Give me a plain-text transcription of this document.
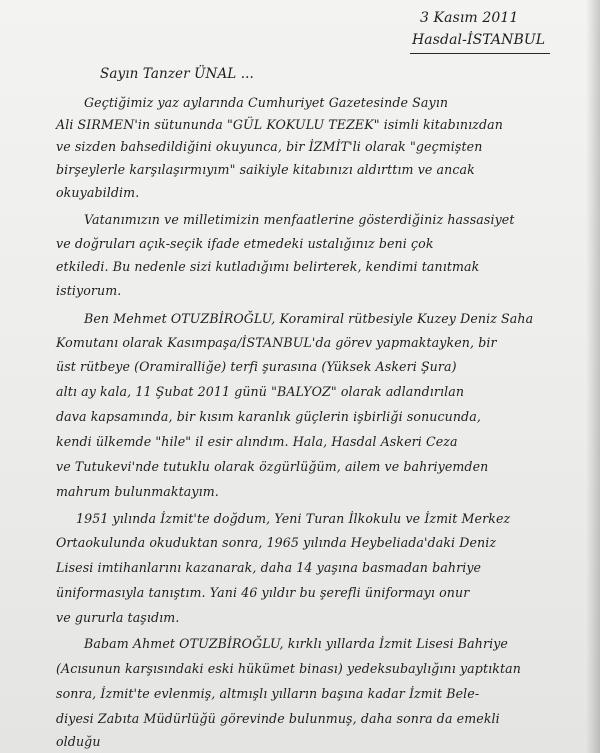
3 Kasım 2011
Hasdal-İSTANBUL
Sayın Tanzer ÜNAL ...
Geçtiğimiz yaz aylarında Cumhuriyet Gazetesinde Sayın
Ali SIRMEN'in sütununda "GÜL KOKULU TEZEK" isimli kitabınızdan
ve sizden bahsedildiğini okuyunca, bir İZMİT'li olarak "geçmişten
birşeylerle karşılaşırmıyım" saikiyle kitabınızı aldırttım ve ancak
okuyabildim.
Vatanımızın ve milletimizin menfaatlerine gösterdiğiniz hassasiyet
ve doğruları açık-seçik ifade etmedeki ustalığınız beni çok
etkiledi. Bu nedenle sizi kutladığımı belirterek, kendimi tanıtmak
istiyorum.
Ben Mehmet OTUZBİROĞLU, Koramiral rütbesiyle Kuzey Deniz Saha
Komutanı olarak Kasımpaşa/İSTANBUL'da görev yapmaktayken, bir
üst rütbeye (Oramiralliğe) terfi şurasına (Yüksek Askeri Şura)
altı ay kala, 11 Şubat 2011 günü "BALYOZ" olarak adlandırılan
dava kapsamında, bir kısım karanlık güçlerin işbirliği sonucunda,
kendi ülkemde "hile" il esir alındım. Hala, Hasdal Askeri Ceza
ve Tutukevi'nde tutuklu olarak özgürlüğüm, ailem ve bahriyemden
mahrum bulunmaktayım.
1951 yılında İzmit'te doğdum, Yeni Turan İlkokulu ve İzmit Merkez
Ortaokulunda okuduktan sonra, 1965 yılında Heybeliada'daki Deniz
Lisesi imtihanlarını kazanarak, daha 14 yaşına basmadan bahriye
üniformasıyla tanıştım. Yani 46 yıldır bu şerefli üniformayı onur
ve gururla taşıdım.
Babam Ahmet OTUZBİROĞLU, kırklı yıllarda İzmit Lisesi Bahriye
(Acısunun karşısındaki eski hükümet binası) yedeksubaylığını yaptıktan
sonra, İzmit'te evlenmiş, altmışlı yılların başına kadar İzmit Bele-
diyesi Zabıta Müdürlüğü görevinde bulunmuş, daha sonra da emekli
olduğu
